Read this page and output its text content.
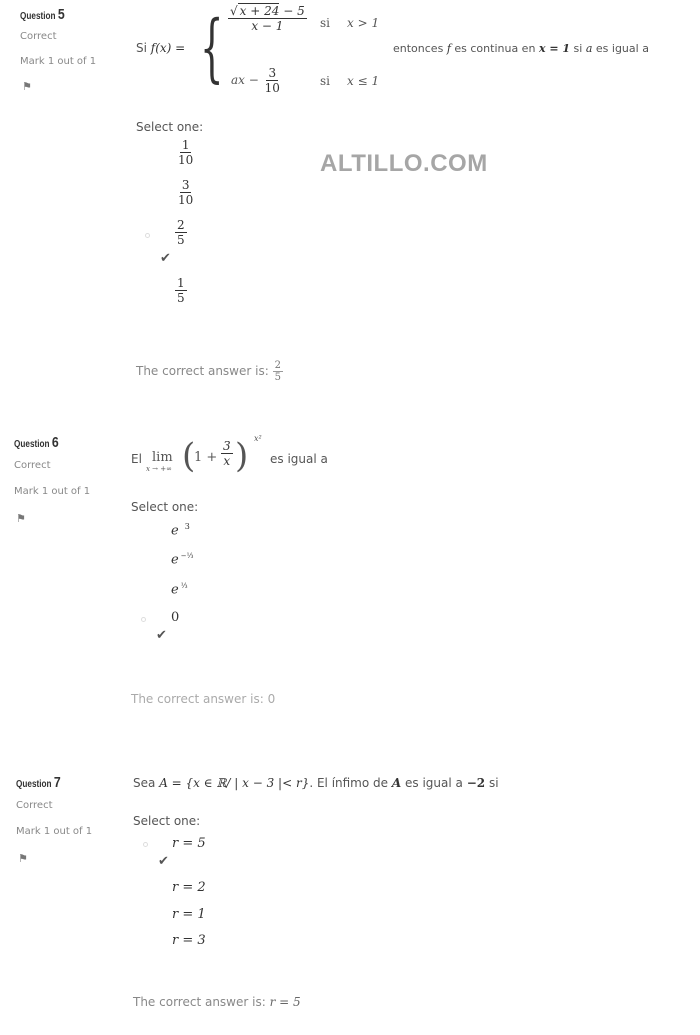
Question 5
Correct
Mark 1 out of 1
⚑
Si f(x) = { $\frac{√ x + 24 - 5}{x - 1}$ si x > 1
ax − $\frac{3}{10}$	si x ≤ 1
entonces f es continua en x = 1 si a es igual a
Select one:
$\frac{1}{10}$
$\frac{3}{10}$
$\frac{2}{5}$
✔
$\frac{1}{5}$
The correct answer is: $\frac{2}{5}$
ALTILLO.COM
Question 6
Correct
Mark 1 out of 1
⚑
El lim
x → +∞ (
$1 + \frac{3}{x}$ ) x²
es igual a
Select one:
e $^3$
e $^{-\frac{1}{3}}$
e $^{\frac{1}{3}}$
0
✔
The correct answer is: 0
Question 7
Correct
Mark 1 out of 1
⚑
Sea A = {x ∈ ℝ/ | x − 3 |< r}. El ínfimo de A es igual a −2 si
Select one:
r = 5
✔
r = 2
r = 1
r = 3
The correct answer is: r = 5
